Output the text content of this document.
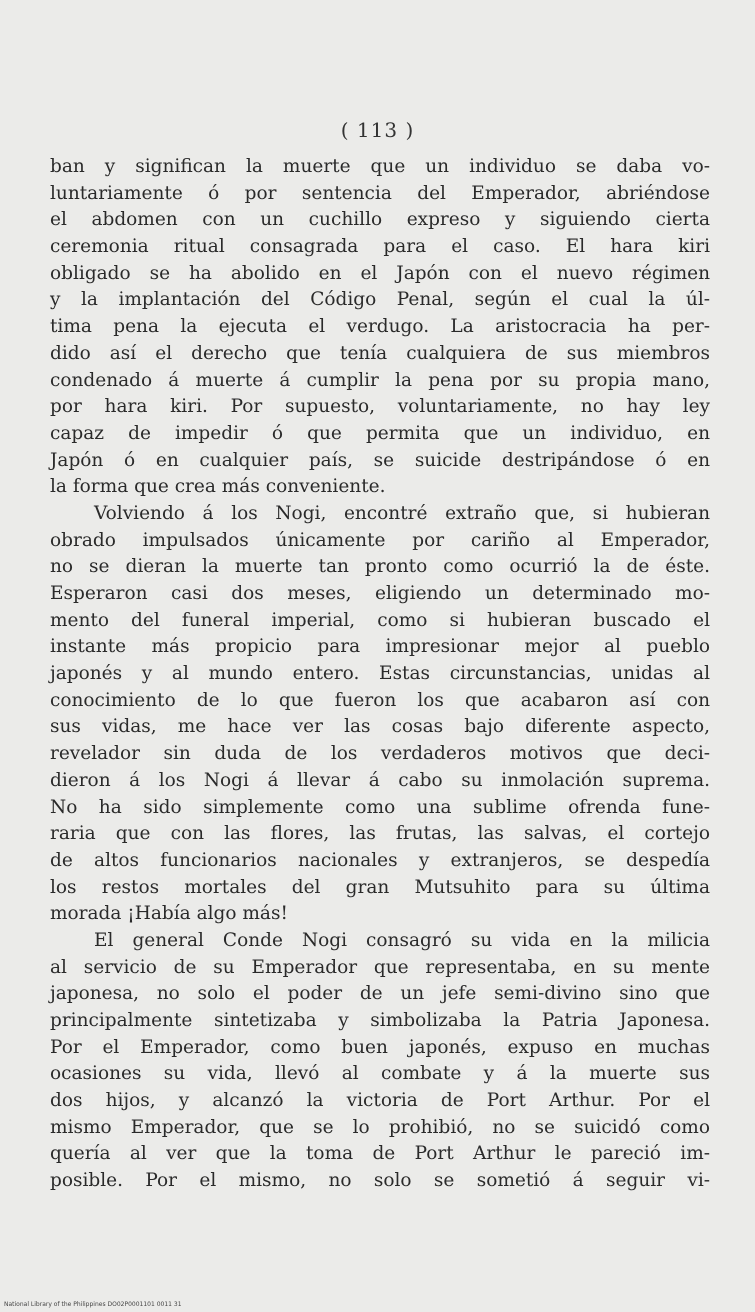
( 113 )
ban y significan la muerte que un individuo se daba vo-
luntariamente ó por sentencia del Emperador, abriéndose
el abdomen con un cuchillo expreso y siguiendo cierta
ceremonia ritual consagrada para el caso. El hara kiri
obligado se ha abolido en el Japón con el nuevo régimen
y la implantación del Código Penal, según el cual la úl-
tima pena la ejecuta el verdugo. La aristocracia ha per-
dido así el derecho que tenía cualquiera de sus miembros
condenado á muerte á cumplir la pena por su propia mano,
por hara kiri. Por supuesto, voluntariamente, no hay ley
capaz de impedir ó que permita que un individuo, en
Japón ó en cualquier país, se suicide destripándose ó en
la forma que crea más conveniente.
Volviendo á los Nogi, encontré extraño que, si hubieran
obrado impulsados únicamente por cariño al Emperador,
no se dieran la muerte tan pronto como ocurrió la de éste.
Esperaron casi dos meses, eligiendo un determinado mo-
mento del funeral imperial, como si hubieran buscado el
instante más propicio para impresionar mejor al pueblo
japonés y al mundo entero. Estas circunstancias, unidas al
conocimiento de lo que fueron los que acabaron así con
sus vidas, me hace ver las cosas bajo diferente aspecto,
revelador sin duda de los verdaderos motivos que deci-
dieron á los Nogi á llevar á cabo su inmolación suprema.
No ha sido simplemente como una sublime ofrenda fune-
raria que con las flores, las frutas, las salvas, el cortejo
de altos funcionarios nacionales y extranjeros, se despedía
los restos mortales del gran Mutsuhito para su última
morada ¡Había algo más!
El general Conde Nogi consagró su vida en la milicia
al servicio de su Emperador que representaba, en su mente
japonesa, no solo el poder de un jefe semi-divino sino que
principalmente sintetizaba y simbolizaba la Patria Japonesa.
Por el Emperador, como buen japonés, expuso en muchas
ocasiones su vida, llevó al combate y á la muerte sus
dos hijos, y alcanzó la victoria de Port Arthur. Por el
mismo Emperador, que se lo prohibió, no se suicidó como
quería al ver que la toma de Port Arthur le pareció im-
posible. Por el mismo, no solo se sometió á seguir vi-
National Library of the Philippines DO02P0001101 0011 31
